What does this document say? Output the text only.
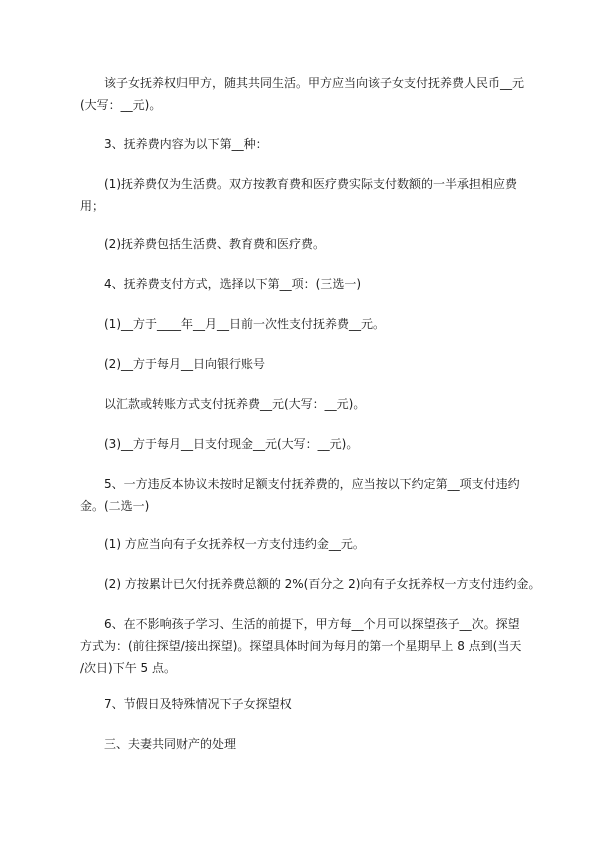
该子女抚养权归甲方，随其共同生活。甲方应当向该子女支付抚养费人民币__元
(大写：__元)。

3、抚养费内容为以下第__种：

(1)抚养费仅为生活费。双方按教育费和医疗费实际支付数额的一半承担相应费
用；

(2)抚养费包括生活费、教育费和医疗费。

4、抚养费支付方式，选择以下第__项：(三选一)

(1)__方于____年__月__日前一次性支付抚养费__元。

(2)__方于每月__日向银行账号

以汇款或转账方式支付抚养费__元(大写：__元)。

(3)__方于每月__日支付现金__元(大写：__元)。

5、一方违反本协议未按时足额支付抚养费的，应当按以下约定第__项支付违约
金。(二选一)

(1) 方应当向有子女抚养权一方支付违约金__元。

(2) 方按累计已欠付抚养费总额的 2%(百分之 2)向有子女抚养权一方支付违约金。

6、在不影响孩子学习、生活的前提下，甲方每__个月可以探望孩子__次。探望
方式为：(前往探望/接出探望)。探望具体时间为每月的第一个星期早上 8 点到(当天
/次日)下午 5 点。

7、节假日及特殊情况下子女探望权

三、夫妻共同财产的处理
